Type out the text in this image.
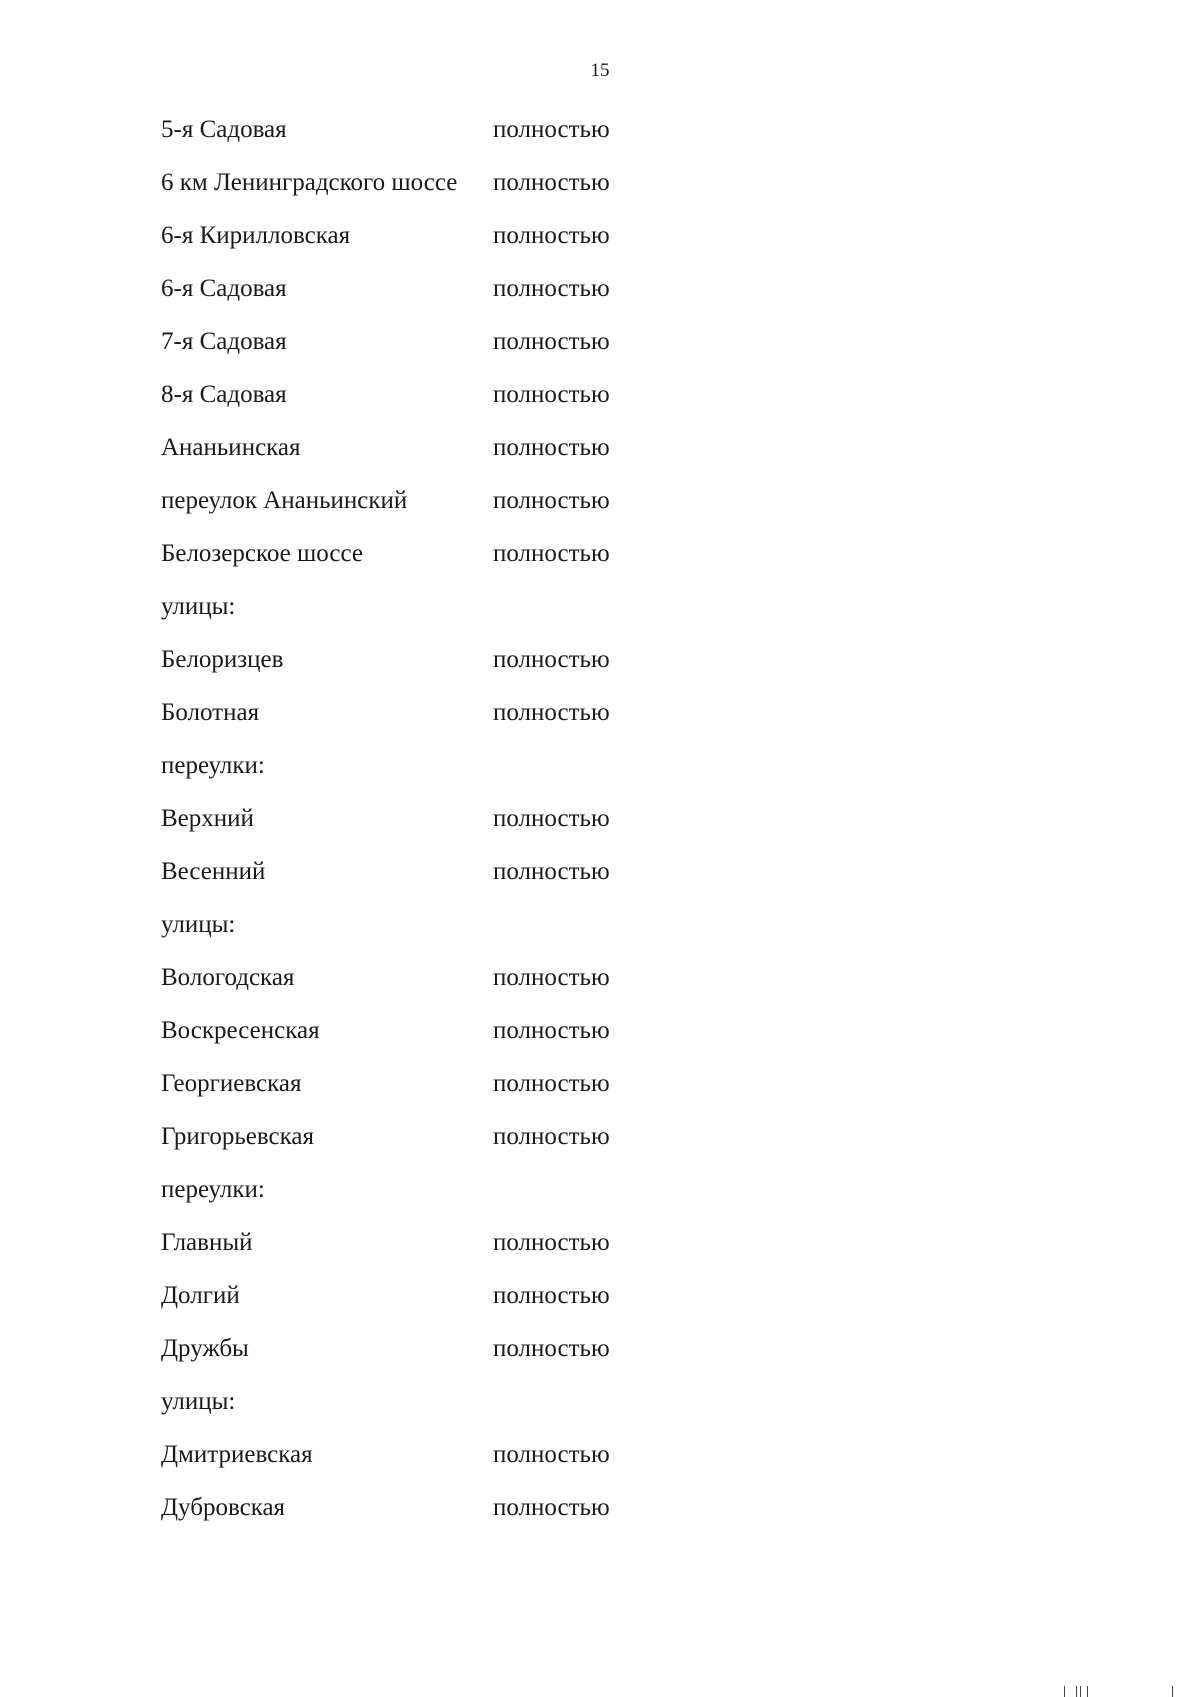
15
5-я Садовая	полностью
6 км Ленинградского шоссе	полностью
6-я Кирилловская	полностью
6-я Садовая	полностью
7-я Садовая	полностью
8-я Садовая	полностью
Ананьинская	полностью
переулок Ананьинский	полностью
Белозерское шоссе	полностью
улицы:
Белоризцев	полностью
Болотная	полностью
переулки:
Верхний	полностью
Весенний	полностью
улицы:
Вологодская	полностью
Воскресенская	полностью
Георгиевская	полностью
Григорьевская	полностью
переулки:
Главный	полностью
Долгий	полностью
Дружбы	полностью
улицы:
Дмитриевская	полностью
Дубровская	полностью
